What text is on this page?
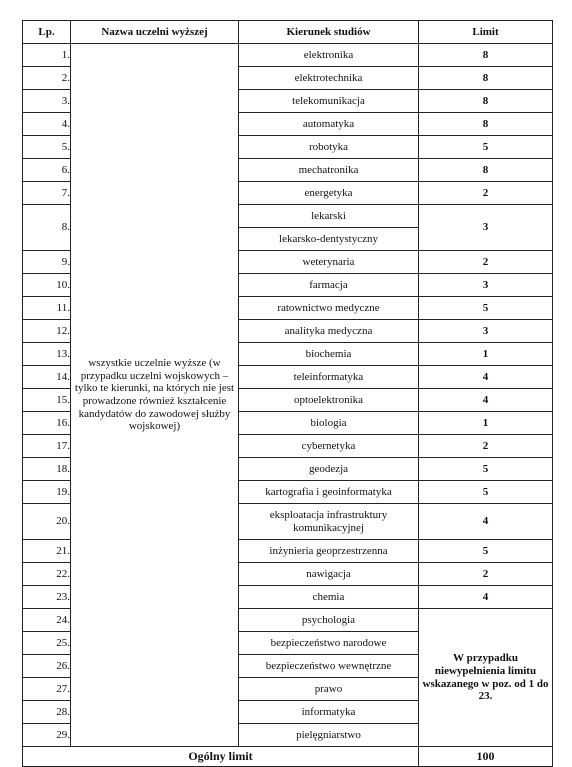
Lp.	Nazwa uczelni wyższej	Kierunek studiów	Limit
1.	wszystkie uczelnie wyższe (w przypadku uczelni wojskowych – tylko te kierunki, na których nie jest prowadzone również kształcenie kandydatów do zawodowej służby wojskowej)	elektronika	8
2.		elektrotechnika	8
3.		telekomunikacja	8
4.		automatyka	8
5.		robotyka	5
6.		mechatronika	8
7.		energetyka	2
8.		lekarski	3
		lekarsko-dentystyczny	
9.		weterynaria	2
10.		farmacja	3
11.		ratownictwo medyczne	5
12.		analityka medyczna	3
13.		biochemia	1
14.		teleinformatyka	4
15.		optoelektronika	4
16.		biologia	1
17.		cybernetyka	2
18.		geodezja	5
19.		kartografia i geoinformatyka	5
20.		eksploatacja infrastruktury komunikacyjnej	4
21.		inżynieria geoprzestrzenna	5
22.		nawigacja	2
23.		chemia	4
24.		psychologia	W przypadku niewypełnienia limitu wskazanego w poz. od 1 do 23.
25.		bezpieczeństwo narodowe	
26.		bezpieczeństwo wewnętrzne	
27.		prawo	
28.		informatyka	
29.		pielęgniarstwo	
Ogólny limit			100
